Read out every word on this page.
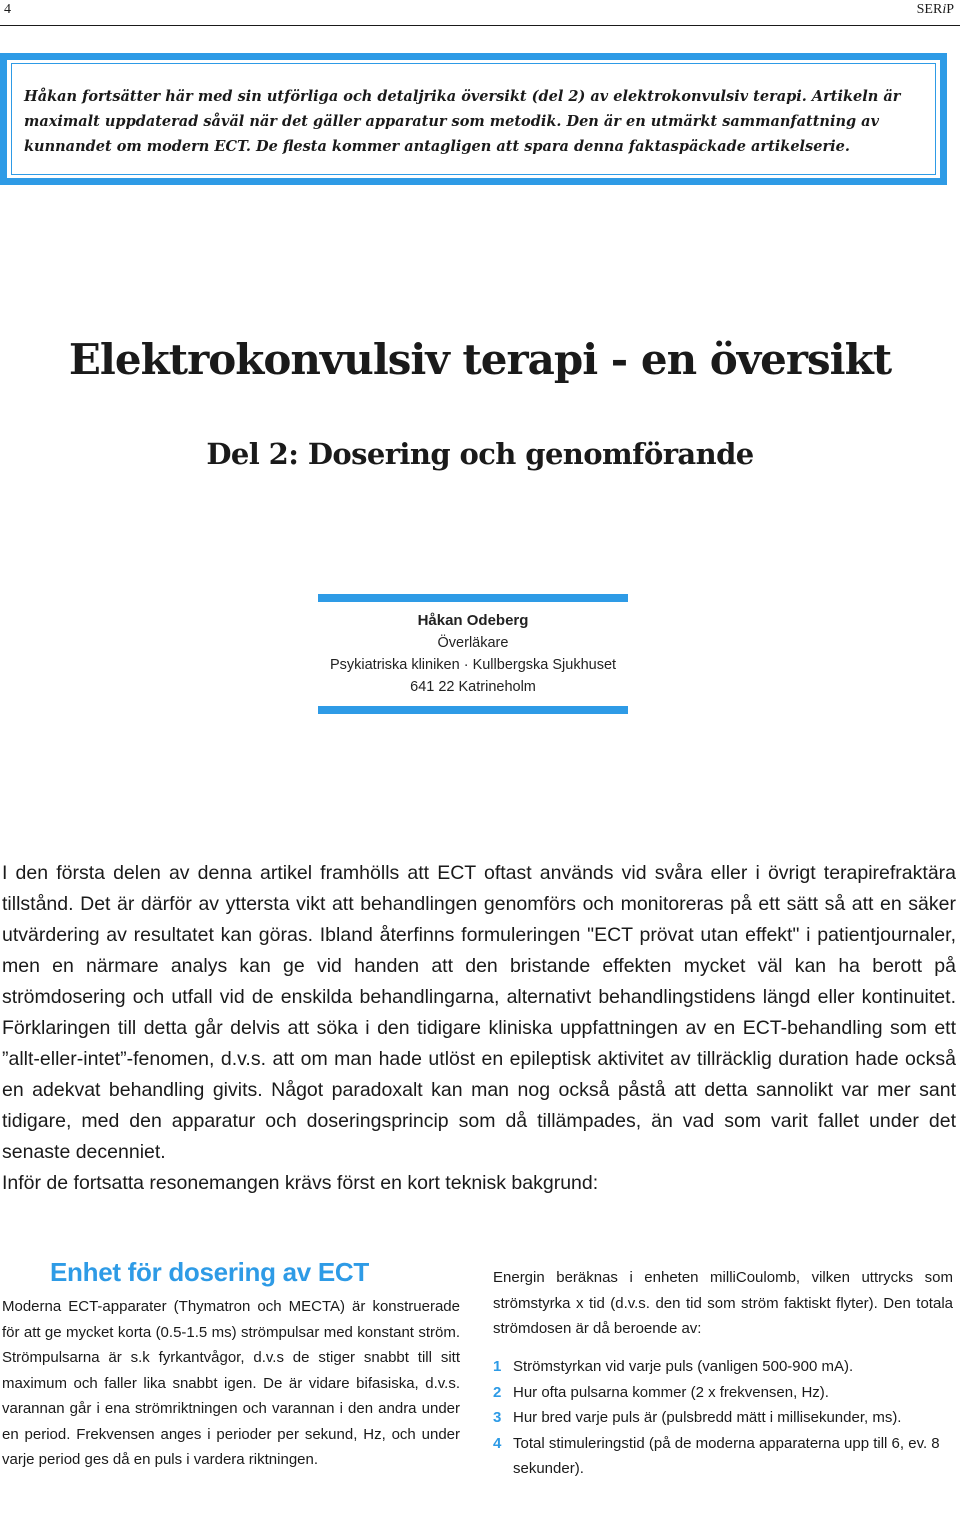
4	SERiP
Håkan fortsätter här med sin utförliga och detaljrika översikt (del 2) av elektrokonvulsiv terapi. Artikeln är maximalt uppdaterad såväl när det gäller apparatur som metodik. Den är en utmärkt sammanfattning av kunnandet om modern ECT. De flesta kommer antagligen att spara denna faktaspäckade artikelserie.
Elektrokonvulsiv terapi - en översikt
Del 2: Dosering och genomförande
Håkan Odeberg
Överläkare
Psykiatriska kliniken · Kullbergska Sjukhuset
641 22 Katrineholm
I den första delen av denna artikel framhölls att ECT oftast används vid svåra eller i övrigt terapirefraktära tillstånd. Det är därför av yttersta vikt att behandlingen genomförs och monitoreras på ett sätt så att en säker utvärdering av resultatet kan göras. Ibland återfinns formuleringen "ECT prövat utan effekt" i patientjournaler, men en närmare analys kan ge vid handen att den bristande effekten mycket väl kan ha berott på strömdosering och utfall vid de enskilda behandlingarna, alternativt behandlingstidens längd eller kontinuitet. Förklaringen till detta går delvis att söka i den tidigare kliniska uppfattningen av en ECT-behandling som ett ”allt-eller-intet”-fenomen, d.v.s. att om man hade utlöst en epileptisk aktivitet av tillräcklig duration hade också en adekvat behandling givits. Något paradoxalt kan man nog också påstå att detta sannolikt var mer sant tidigare, med den apparatur och doseringsprincip som då tillämpades, än vad som varit fallet under det senaste decenniet.
Inför de fortsatta resonemangen krävs först en kort teknisk bakgrund:
Enhet för dosering av ECT
Moderna ECT-apparater (Thymatron och MECTA) är konstruerade för att ge mycket korta (0.5-1.5 ms) strömpulsar med konstant ström. Strömpulsarna är s.k fyrkantvågor, d.v.s de stiger snabbt till sitt maximum och faller lika snabbt igen. De är vidare bifasiska, d.v.s. varannan går i ena strömriktningen och varannan i den andra under en period. Frekvensen anges i perioder per sekund, Hz, och under varje period ges då en puls i vardera riktningen.
Energin beräknas i enheten milliCoulomb, vilken uttrycks som strömstyrka x tid (d.v.s. den tid som ström faktiskt flyter). Den totala strömdosen är då beroende av:
1 Strömstyrkan vid varje puls (vanligen 500-900 mA).
2 Hur ofta pulsarna kommer (2 x frekvensen, Hz).
3 Hur bred varje puls är (pulsbredd mätt i millisekunder, ms).
4 Total stimuleringstid (på de moderna apparaterna upp till 6, ev. 8 sekunder).
